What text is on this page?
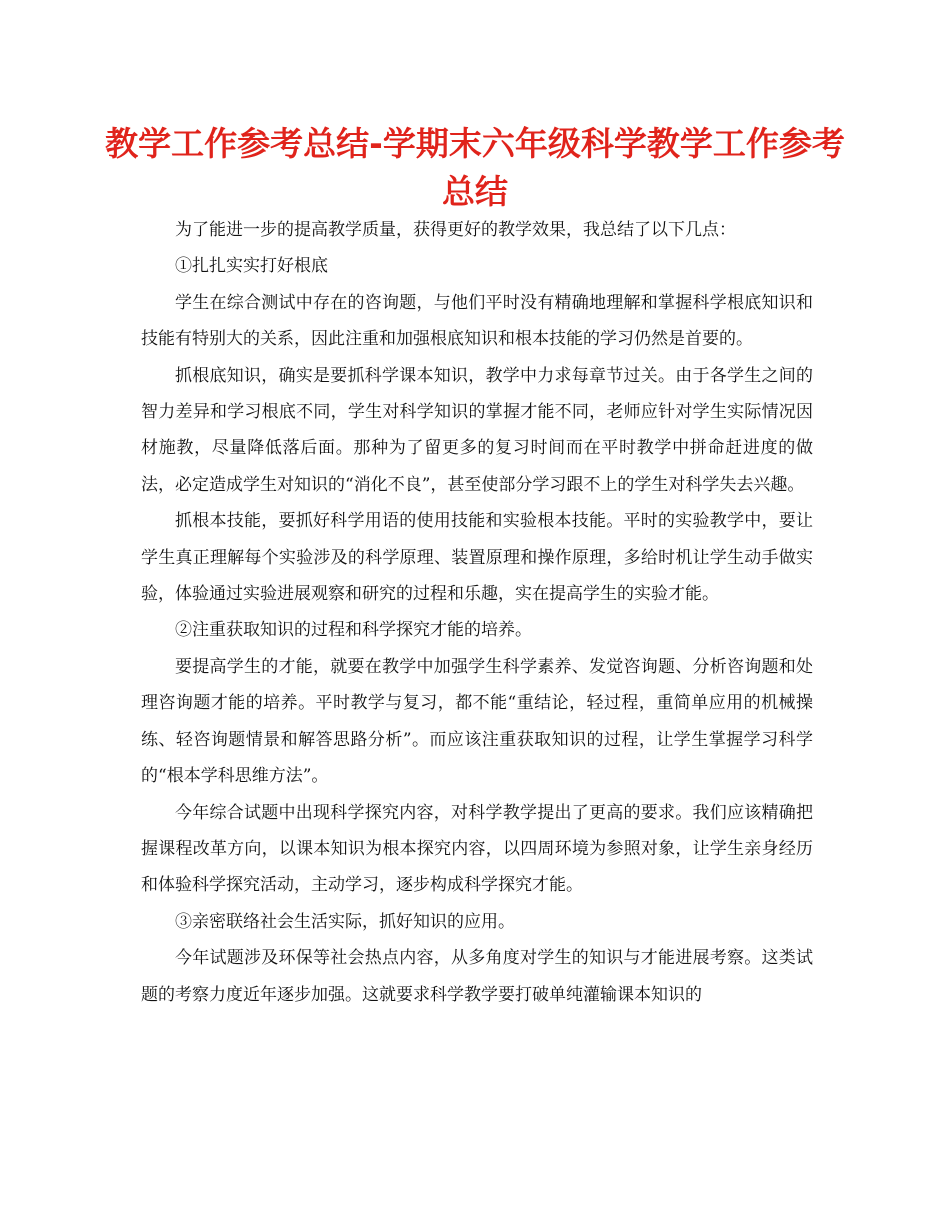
教学工作参考总结-学期末六年级科学教学工作参考总结

为了能进一步的提高教学质量，获得更好的教学效果，我总结了以下几点：

①扎扎实实打好根底

学生在综合测试中存在的咨询题，与他们平时没有精确地理解和掌握科学根底知识和技能有特别大的关系，因此注重和加强根底知识和根本技能的学习仍然是首要的。

抓根底知识，确实是要抓科学课本知识，教学中力求每章节过关。由于各学生之间的智力差异和学习根底不同，学生对科学知识的掌握才能不同，老师应针对学生实际情况因材施教，尽量降低落后面。那种为了留更多的复习时间而在平时教学中拼命赶进度的做法，必定造成学生对知识的“消化不良”，甚至使部分学习跟不上的学生对科学失去兴趣。

抓根本技能，要抓好科学用语的使用技能和实验根本技能。平时的实验教学中，要让学生真正理解每个实验涉及的科学原理、装置原理和操作原理，多给时机让学生动手做实验，体验通过实验进展观察和研究的过程和乐趣，实在提高学生的实验才能。

②注重获取知识的过程和科学探究才能的培养。

要提高学生的才能，就要在教学中加强学生科学素养、发觉咨询题、分析咨询题和处理咨询题才能的培养。平时教学与复习，都不能“重结论，轻过程，重简单应用的机械操练、轻咨询题情景和解答思路分析”。而应该注重获取知识的过程，让学生掌握学习科学的“根本学科思维方法”。

今年综合试题中出现科学探究内容，对科学教学提出了更高的要求。我们应该精确把握课程改革方向，以课本知识为根本探究内容，以四周环境为参照对象，让学生亲身经历和体验科学探究活动，主动学习，逐步构成科学探究才能。

③亲密联络社会生活实际，抓好知识的应用。

今年试题涉及环保等社会热点内容，从多角度对学生的知识与才能进展考察。这类试题的考察力度近年逐步加强。这就要求科学教学要打破单纯灌输课本知识的
